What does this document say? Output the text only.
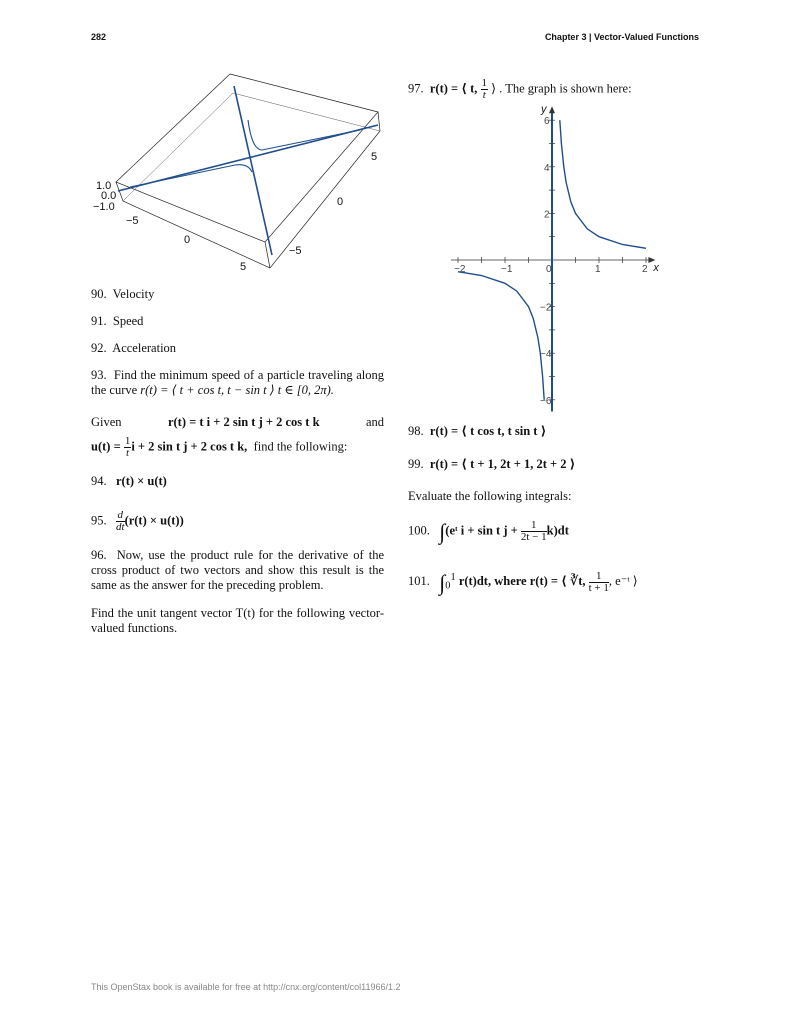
282	Chapter 3 | Vector-Valued Functions
1.0
0.0
−1.0
−5
0
5
5
0
−5
90. Velocity
91. Speed
92. Acceleration
93. Find the minimum speed of a particle traveling along the curve r(t) = ⟨ t + cos t, t − sin t ⟩ t ∈ [0, 2π).
Given	r(t) = t i + 2 sin t j + 2 cos t k	and
$u(t) = \frac{1}{t}$ i + 2 sin t j + 2 cos t k, find the following:
94. r(t) × u(t)
95. $\frac{d}{dt} (r(t) \times u(t))$
96. Now, use the product rule for the derivative of the cross product of two vectors and show this result is the same as the answer for the preceding problem.
Find the unit tangent vector T(t) for the following vector-valued functions.
97. r(t) = ⟨ t, $\frac{1}{t}$ ⟩ . The graph is shown here:
−2	−1	0	1	2
6
4
2
−2
−4
−6
x
y
98. r(t) = ⟨ t cos t, t sin t ⟩
99. r(t) = ⟨ t + 1, 2t + 1, 2t + 2 ⟩
Evaluate the following integrals:
100. ∫(eᵗ i + sin t $j + \frac{1}{2t - 1} k)dt$
101. $\int_0^1$ r(t)dt, where r(t) = ⟨ ∛t, $\frac{1}{t + 1}$ , e⁻ᵗ ⟩
This OpenStax book is available for free at http://cnx.org/content/col11966/1.2
